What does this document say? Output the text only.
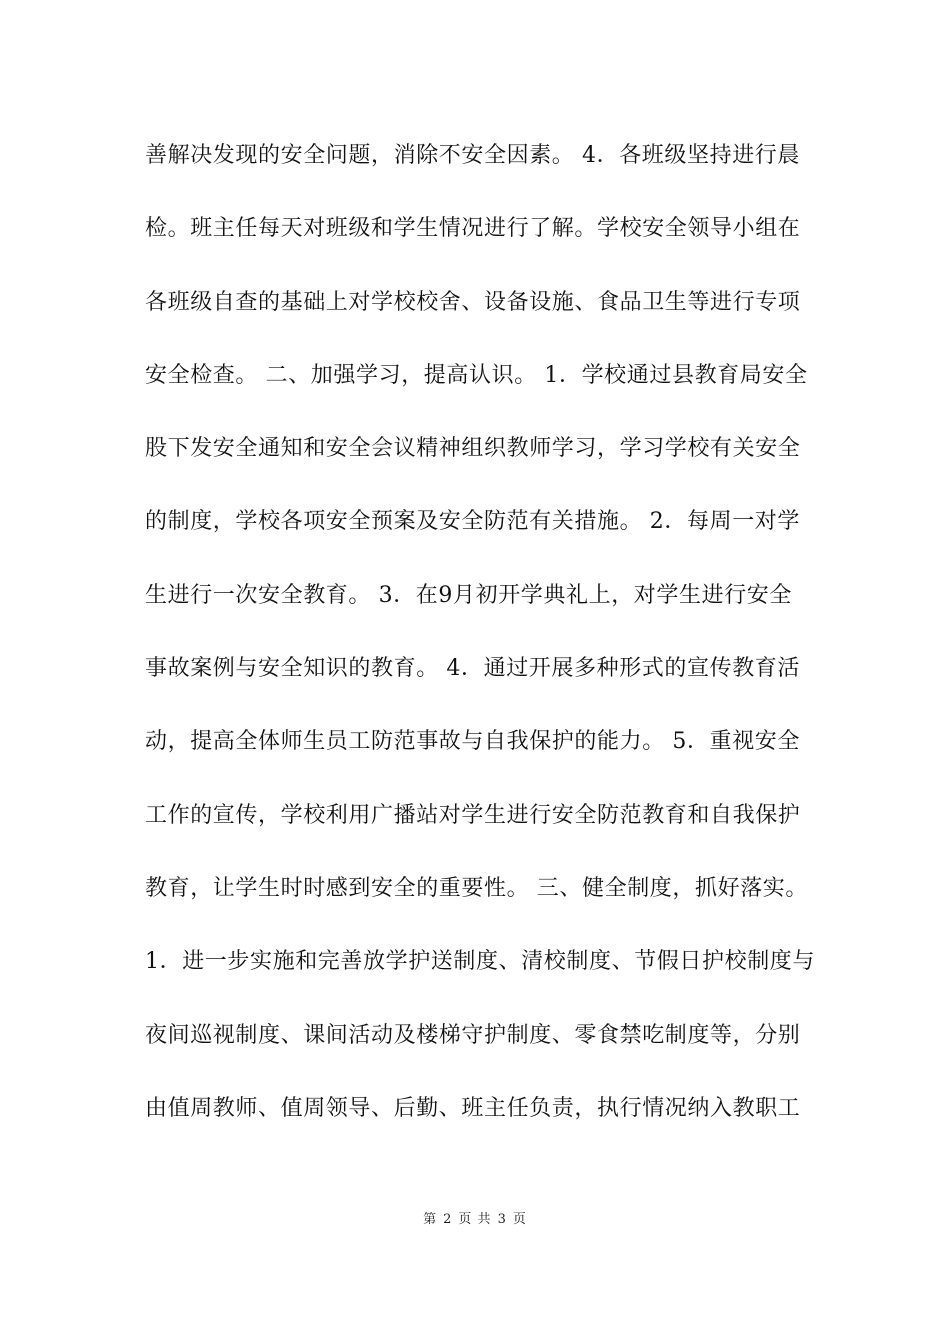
善解决发现的安全问题，消除不安全因素。 4．各班级坚持进行晨
检。班主任每天对班级和学生情况进行了解。学校安全领导小组在
各班级自查的基础上对学校校舍、设备设施、食品卫生等进行专项
安全检查。 二、加强学习，提高认识。 1．学校通过县教育局安全
股下发安全通知和安全会议精神组织教师学习，学习学校有关安全
的制度，学校各项安全预案及安全防范有关措施。 2．每周一对学
生进行一次安全教育。 3．在9月初开学典礼上，对学生进行安全
事故案例与安全知识的教育。 4．通过开展多种形式的宣传教育活
动，提高全体师生员工防范事故与自我保护的能力。 5．重视安全
工作的宣传，学校利用广播站对学生进行安全防范教育和自我保护
教育，让学生时时感到安全的重要性。 三、健全制度，抓好落实。
1．进一步实施和完善放学护送制度、清校制度、节假日护校制度与
夜间巡视制度、课间活动及楼梯守护制度、零食禁吃制度等，分别
由值周教师、值周领导、后勤、班主任负责，执行情况纳入教职工
第 2 页 共 3 页
